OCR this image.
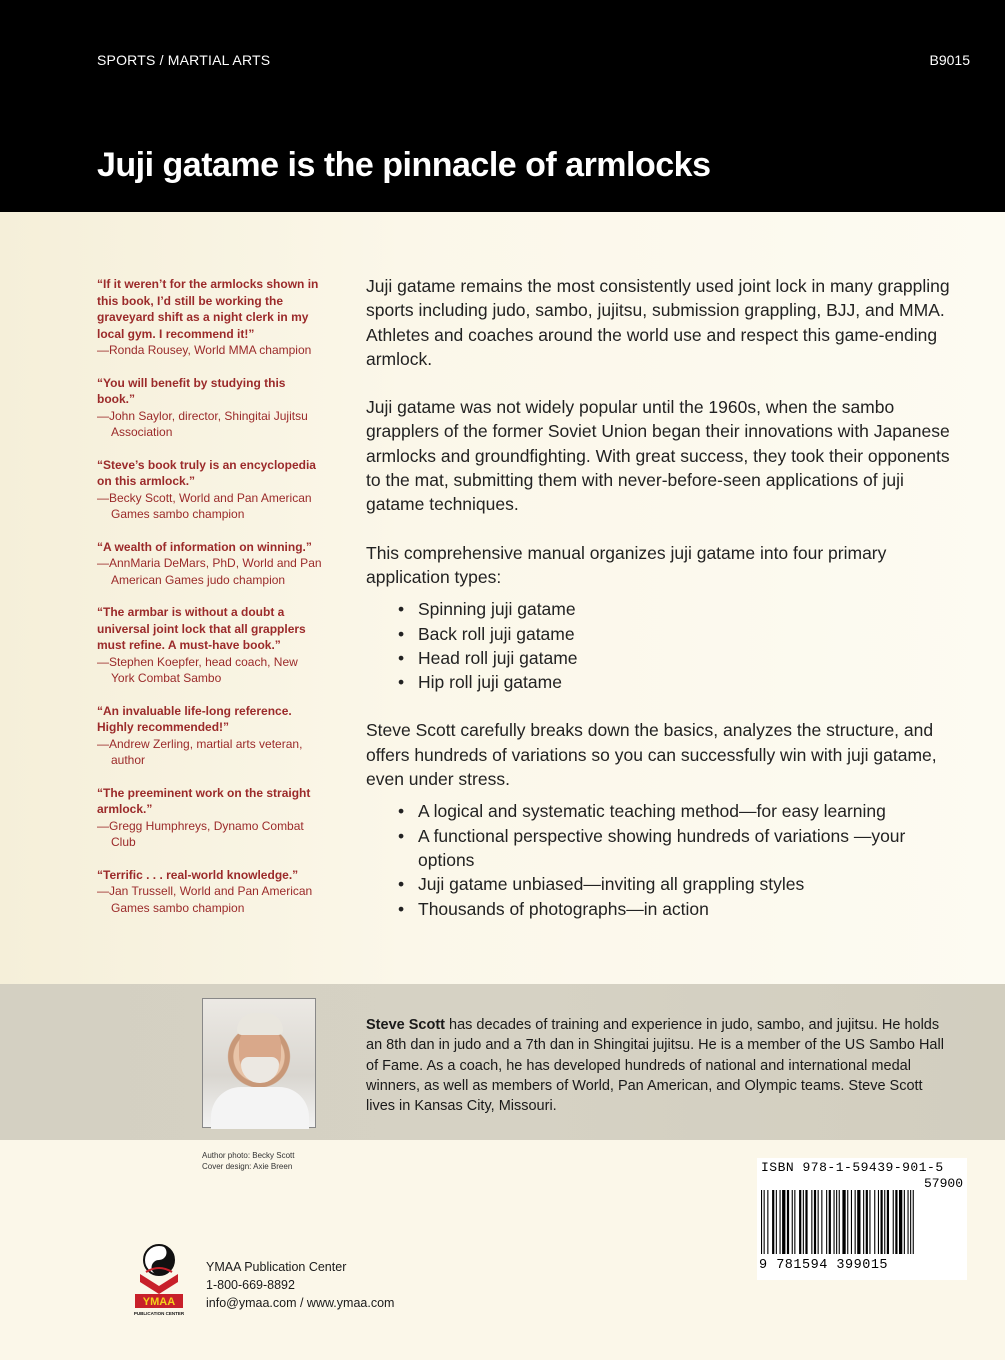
SPORTS / MARTIAL ARTS	B9015
Juji gatame is the pinnacle of armlocks
“If it weren’t for the armlocks shown in this book, I’d still be working the graveyard shift as a night clerk in my local gym. I recommend it!”
—Ronda Rousey, World MMA champion
“You will benefit by studying this book.”
—John Saylor, director, Shingitai Jujitsu Association
“Steve’s book truly is an encyclopedia on this armlock.”
—Becky Scott, World and Pan American Games sambo champion
“A wealth of information on winning.”
—AnnMaria DeMars, PhD, World and Pan American Games judo champion
“The armbar is without a doubt a universal joint lock that all grapplers must refine. A must-have book.”
—Stephen Koepfer, head coach, New York Combat Sambo
“An invaluable life-long reference. Highly recommended!”
—Andrew Zerling, martial arts veteran, author
“The preeminent work on the straight armlock.”
—Gregg Humphreys, Dynamo Combat Club
“Terrific . . . real-world knowledge.”
—Jan Trussell, World and Pan American Games sambo champion

Juji gatame remains the most consistently used joint lock in many grappling sports including judo, sambo, jujitsu, submission grappling, BJJ, and MMA. Athletes and coaches around the world use and respect this game-ending armlock.

Juji gatame was not widely popular until the 1960s, when the sambo grapplers of the former Soviet Union began their innovations with Japanese armlocks and groundfighting. With great success, they took their opponents to the mat, submitting them with never-before-seen applications of juji gatame techniques.

This comprehensive manual organizes juji gatame into four primary application types:

• Spinning juji gatame
• Back roll juji gatame
• Head roll juji gatame
• Hip roll juji gatame

Steve Scott carefully breaks down the basics, analyzes the structure, and offers hundreds of variations so you can successfully win with juji gatame, even under stress.

• A logical and systematic teaching method—for easy learning
• A functional perspective showing hundreds of variations —your options
• Juji gatame unbiased—inviting all grappling styles
• Thousands of photographs—in action
Steve Scott has decades of training and experience in judo, sambo, and jujitsu. He holds an 8th dan in judo and a 7th dan in Shingitai jujitsu. He is a member of the US Sambo Hall of Fame. As a coach, he has developed hundreds of national and international medal winners, as well as members of World, Pan American, and Olympic teams. Steve Scott lives in Kansas City, Missouri.
Author photo: Becky Scott
Cover design: Axie Breen
YMAA
PUBLICATION CENTER
YMAA Publication Center
1-800-669-8892
info@ymaa.com / www.ymaa.com
ISBN 978-1-59439-901-5
57900
9 781594 399015
